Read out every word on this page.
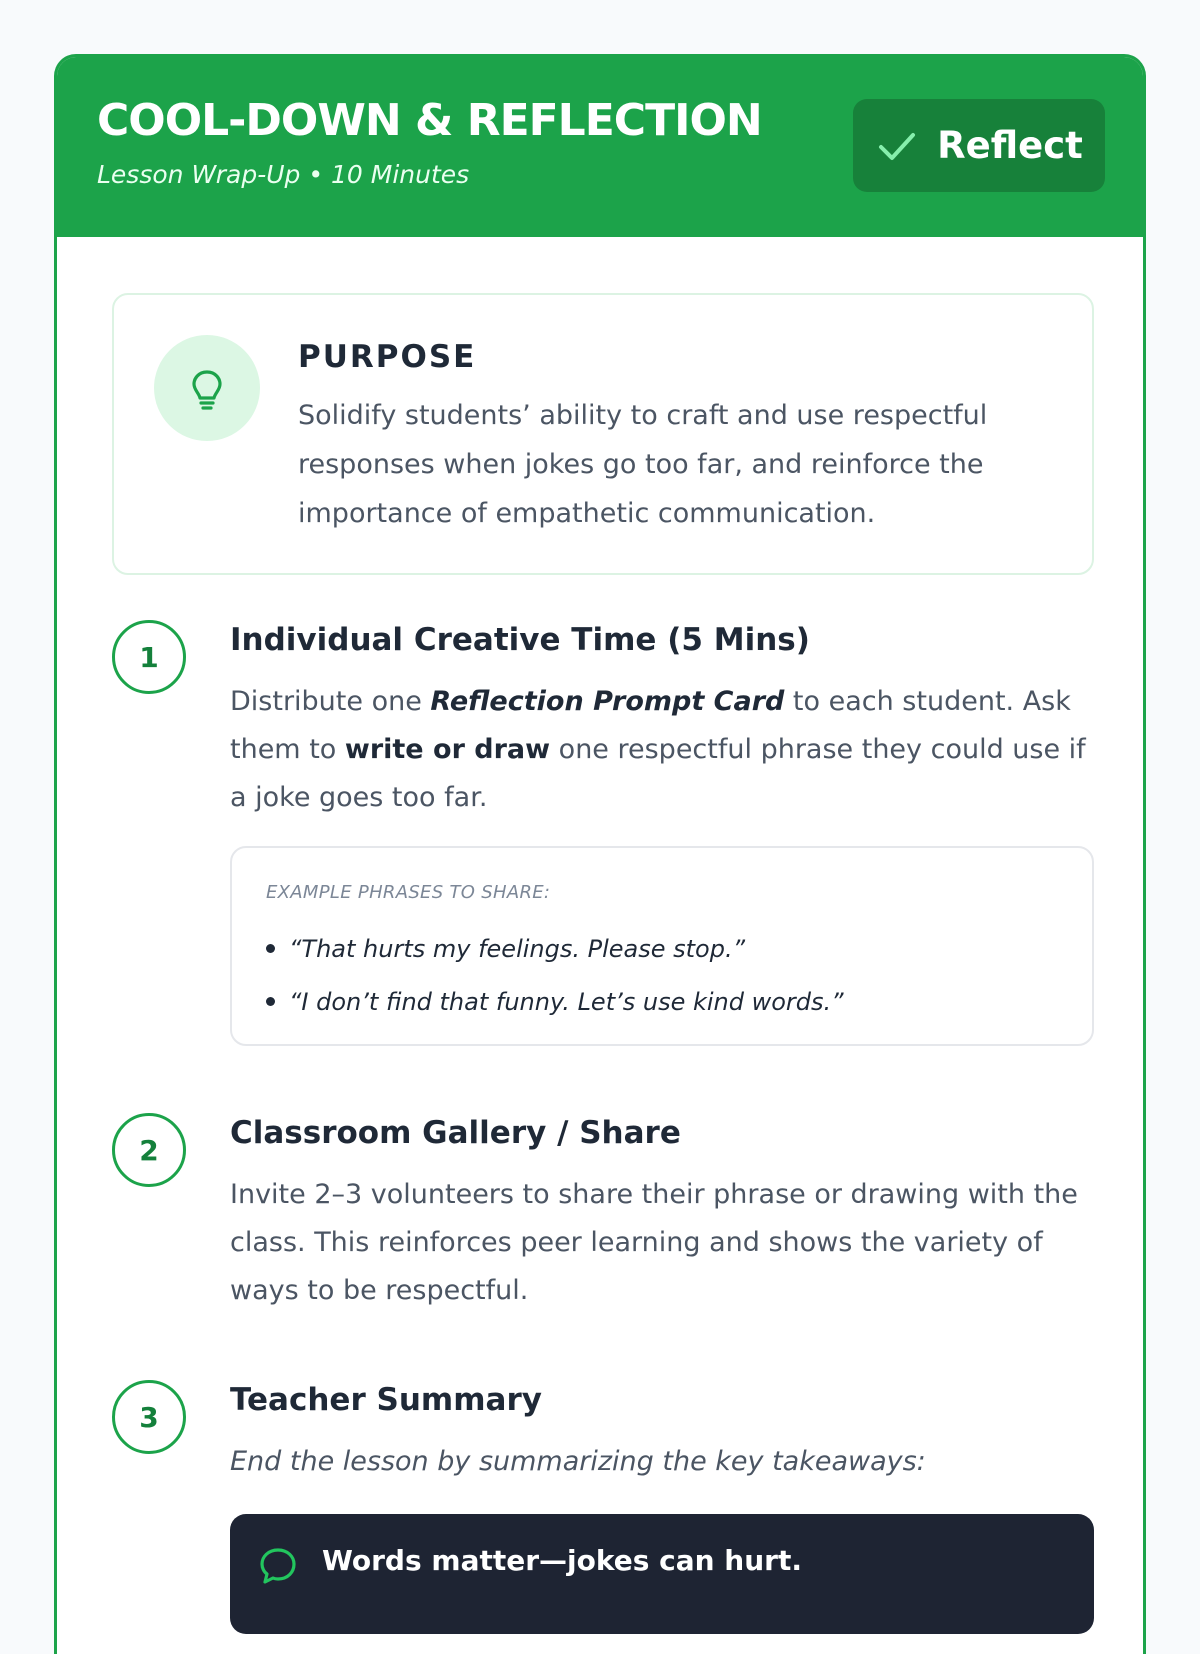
COOL-DOWN & REFLECTION
Lesson Wrap-Up • 10 Minutes
Reflect
PURPOSE
Solidify students’ ability to craft and use respectful responses when jokes go too far, and reinforce the importance of empathetic communication.
1	Individual Creative Time (5 Mins)
Distribute one Reflection Prompt Card to each student. Ask them to write or draw one respectful phrase they could use if a joke goes too far.
EXAMPLE PHRASES TO SHARE:
“That hurts my feelings. Please stop.”
“I don’t find that funny. Let’s use kind words.”
2	Classroom Gallery / Share
Invite 2–3 volunteers to share their phrase or drawing with the class. This reinforces peer learning and shows the variety of ways to be respectful.
3	Teacher Summary
End the lesson by summarizing the key takeaways:
Words matter—jokes can hurt.
